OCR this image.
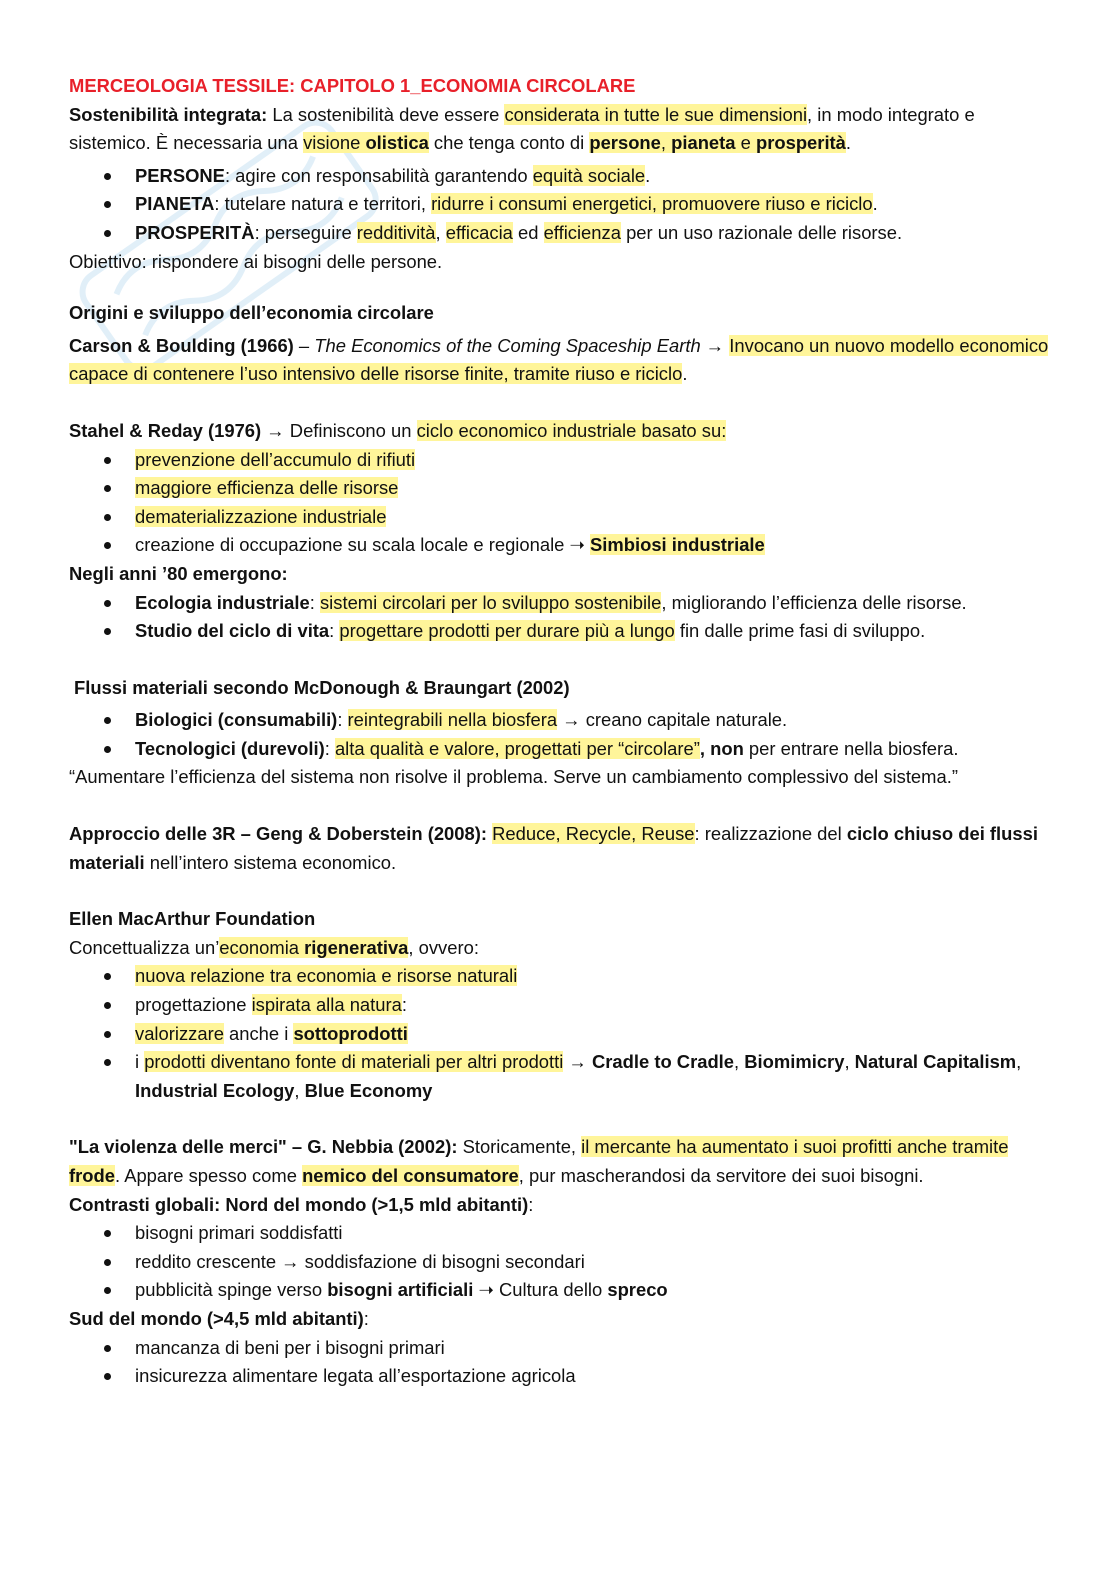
MERCEOLOGIA TESSILE: CAPITOLO 1_ECONOMIA CIRCOLARE

Sostenibilità integrata: La sostenibilità deve essere considerata in tutte le sue dimensioni, in modo integrato e sistemico. È necessaria una visione olistica che tenga conto di persone, pianeta e prosperità.

PERSONE: agire con responsabilità garantendo equità sociale.
PIANETA: tutelare natura e territori, ridurre i consumi energetici, promuovere riuso e riciclo.
PROSPERITÀ: perseguire redditività, efficacia ed efficienza per un uso razionale delle risorse.

Obiettivo: rispondere ai bisogni delle persone.

Origini e sviluppo dell’economia circolare

Carson & Boulding (1966) – The Economics of the Coming Spaceship Earth → Invocano un nuovo modello economico capace di contenere l’uso intensivo delle risorse finite, tramite riuso e riciclo.

Stahel & Reday (1976) → Definiscono un ciclo economico industriale basato su:

prevenzione dell’accumulo di rifiuti
maggiore efficienza delle risorse
dematerializzazione industriale
creazione di occupazione su scala locale e regionale ➝ Simbiosi industriale

Negli anni ’80 emergono:

Ecologia industriale: sistemi circolari per lo sviluppo sostenibile, migliorando l’efficienza delle risorse.
Studio del ciclo di vita: progettare prodotti per durare più a lungo fin dalle prime fasi di sviluppo.

Flussi materiali secondo McDonough & Braungart (2002)

Biologici (consumabili): reintegrabili nella biosfera → creano capitale naturale.
Tecnologici (durevoli): alta qualità e valore, progettati per “circolare”, non per entrare nella biosfera.

“Aumentare l’efficienza del sistema non risolve il problema. Serve un cambiamento complessivo del sistema.”

Approccio delle 3R – Geng & Doberstein (2008): Reduce, Recycle, Reuse: realizzazione del ciclo chiuso dei flussi materiali nell’intero sistema economico.

Ellen MacArthur Foundation

Concettualizza un’economia rigenerativa, ovvero:

nuova relazione tra economia e risorse naturali
progettazione ispirata alla natura:
valorizzare anche i sottoprodotti
i prodotti diventano fonte di materiali per altri prodotti → Cradle to Cradle, Biomimicry, Natural Capitalism, Industrial Ecology, Blue Economy

"La violenza delle merci" – G. Nebbia (2002): Storicamente, il mercante ha aumentato i suoi profitti anche tramite frode. Appare spesso come nemico del consumatore, pur mascherandosi da servitore dei suoi bisogni.

Contrasti globali: Nord del mondo (>1,5 mld abitanti):

bisogni primari soddisfatti
reddito crescente → soddisfazione di bisogni secondari
pubblicità spinge verso bisogni artificiali ➝ Cultura dello spreco

Sud del mondo (>4,5 mld abitanti):

mancanza di beni per i bisogni primari
insicurezza alimentare legata all’esportazione agricola
